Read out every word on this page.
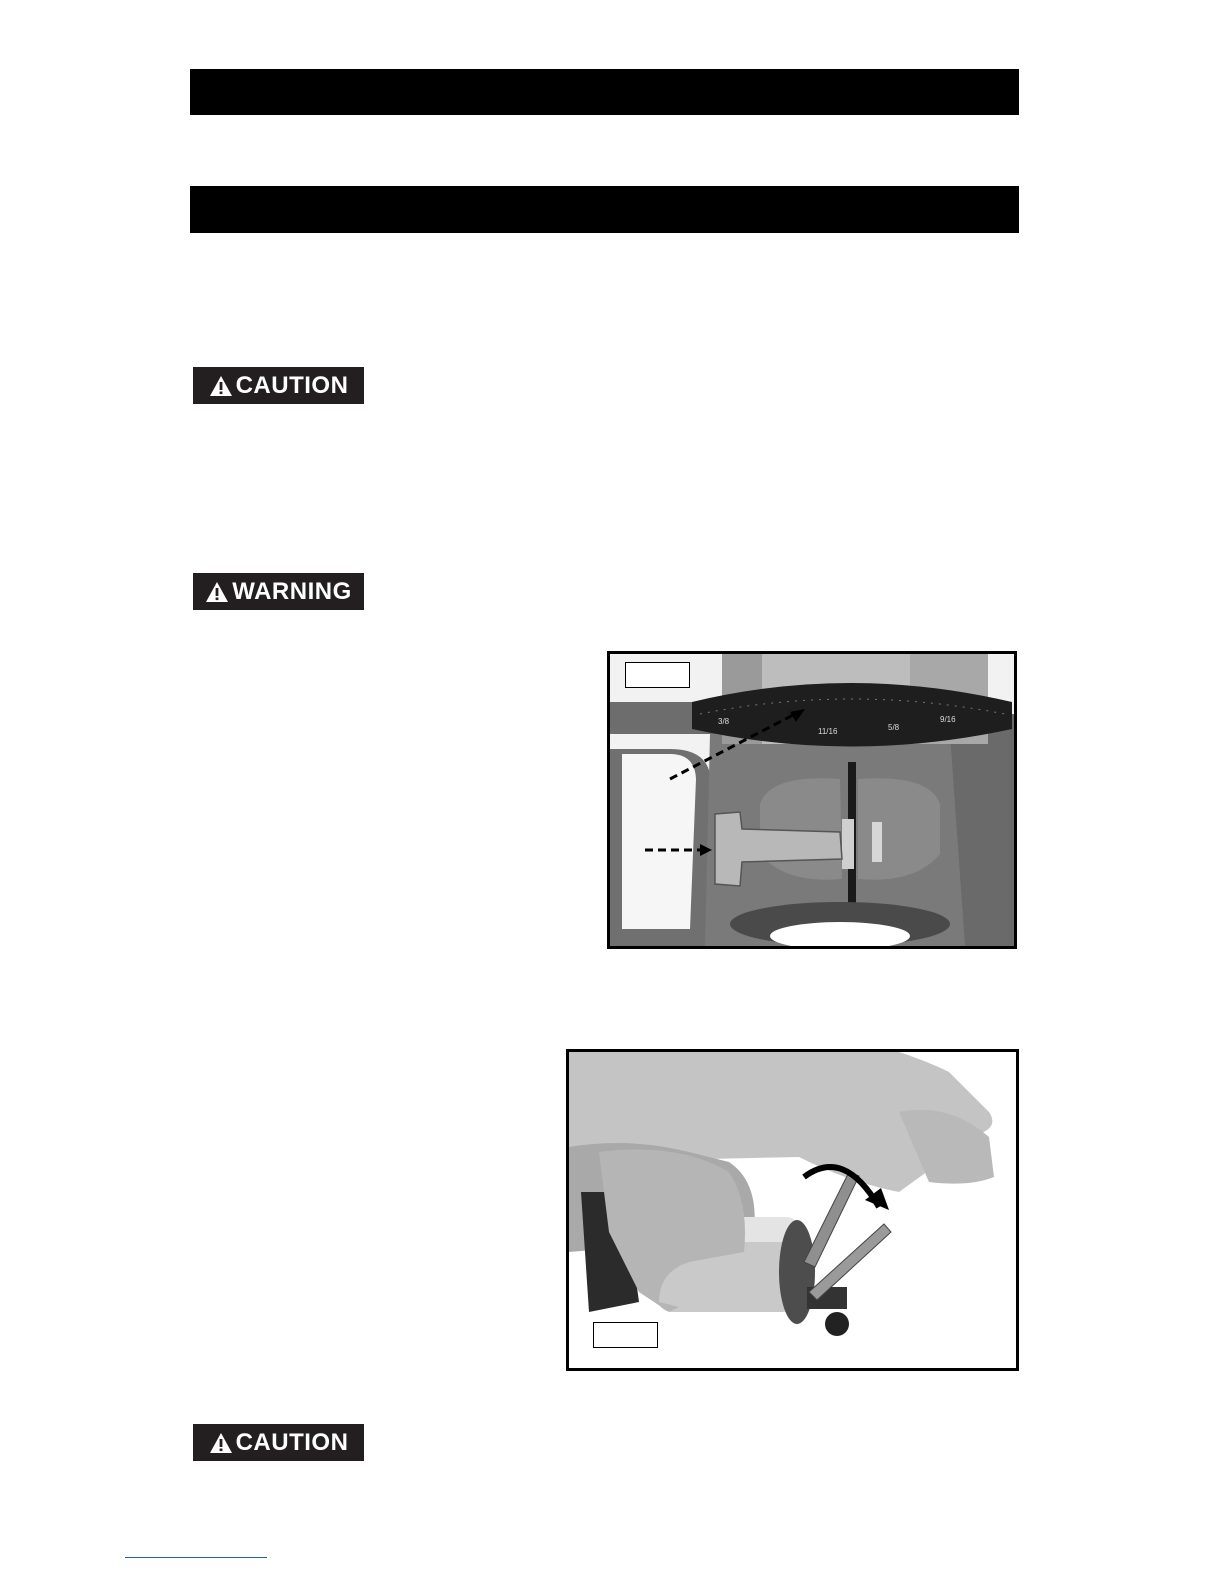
CAUTION
WARNING
3/8
11/16	5/8
9/16
CAUTION
